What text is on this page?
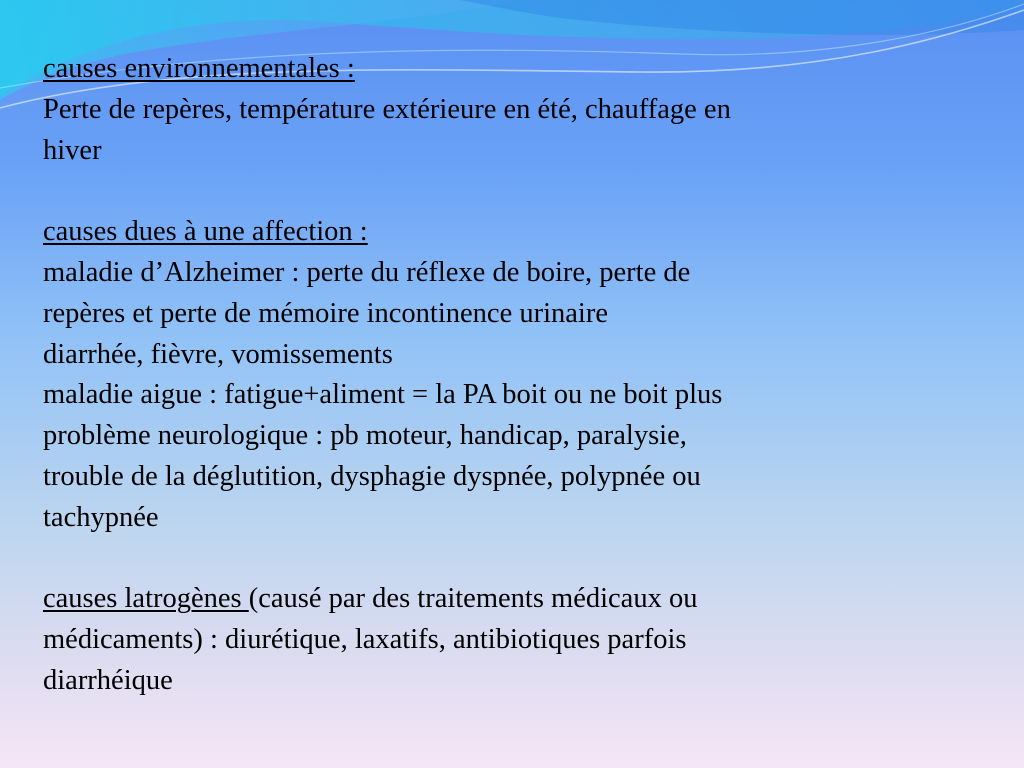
causes environnementales :
Perte de repères, température extérieure en été, chauffage en
hiver
causes dues à une affection :
maladie d’Alzheimer : perte du réflexe de boire, perte de
repères et perte de mémoire incontinence urinaire
diarrhée, fièvre, vomissements
maladie aigue : fatigue+aliment = la PA boit ou ne boit plus
problème neurologique : pb moteur, handicap, paralysie,
trouble de la déglutition, dysphagie dyspnée, polypnée ou
tachypnée
causes latrogènes (causé par des traitements médicaux ou
médicaments) : diurétique, laxatifs, antibiotiques parfois
diarrhéique
